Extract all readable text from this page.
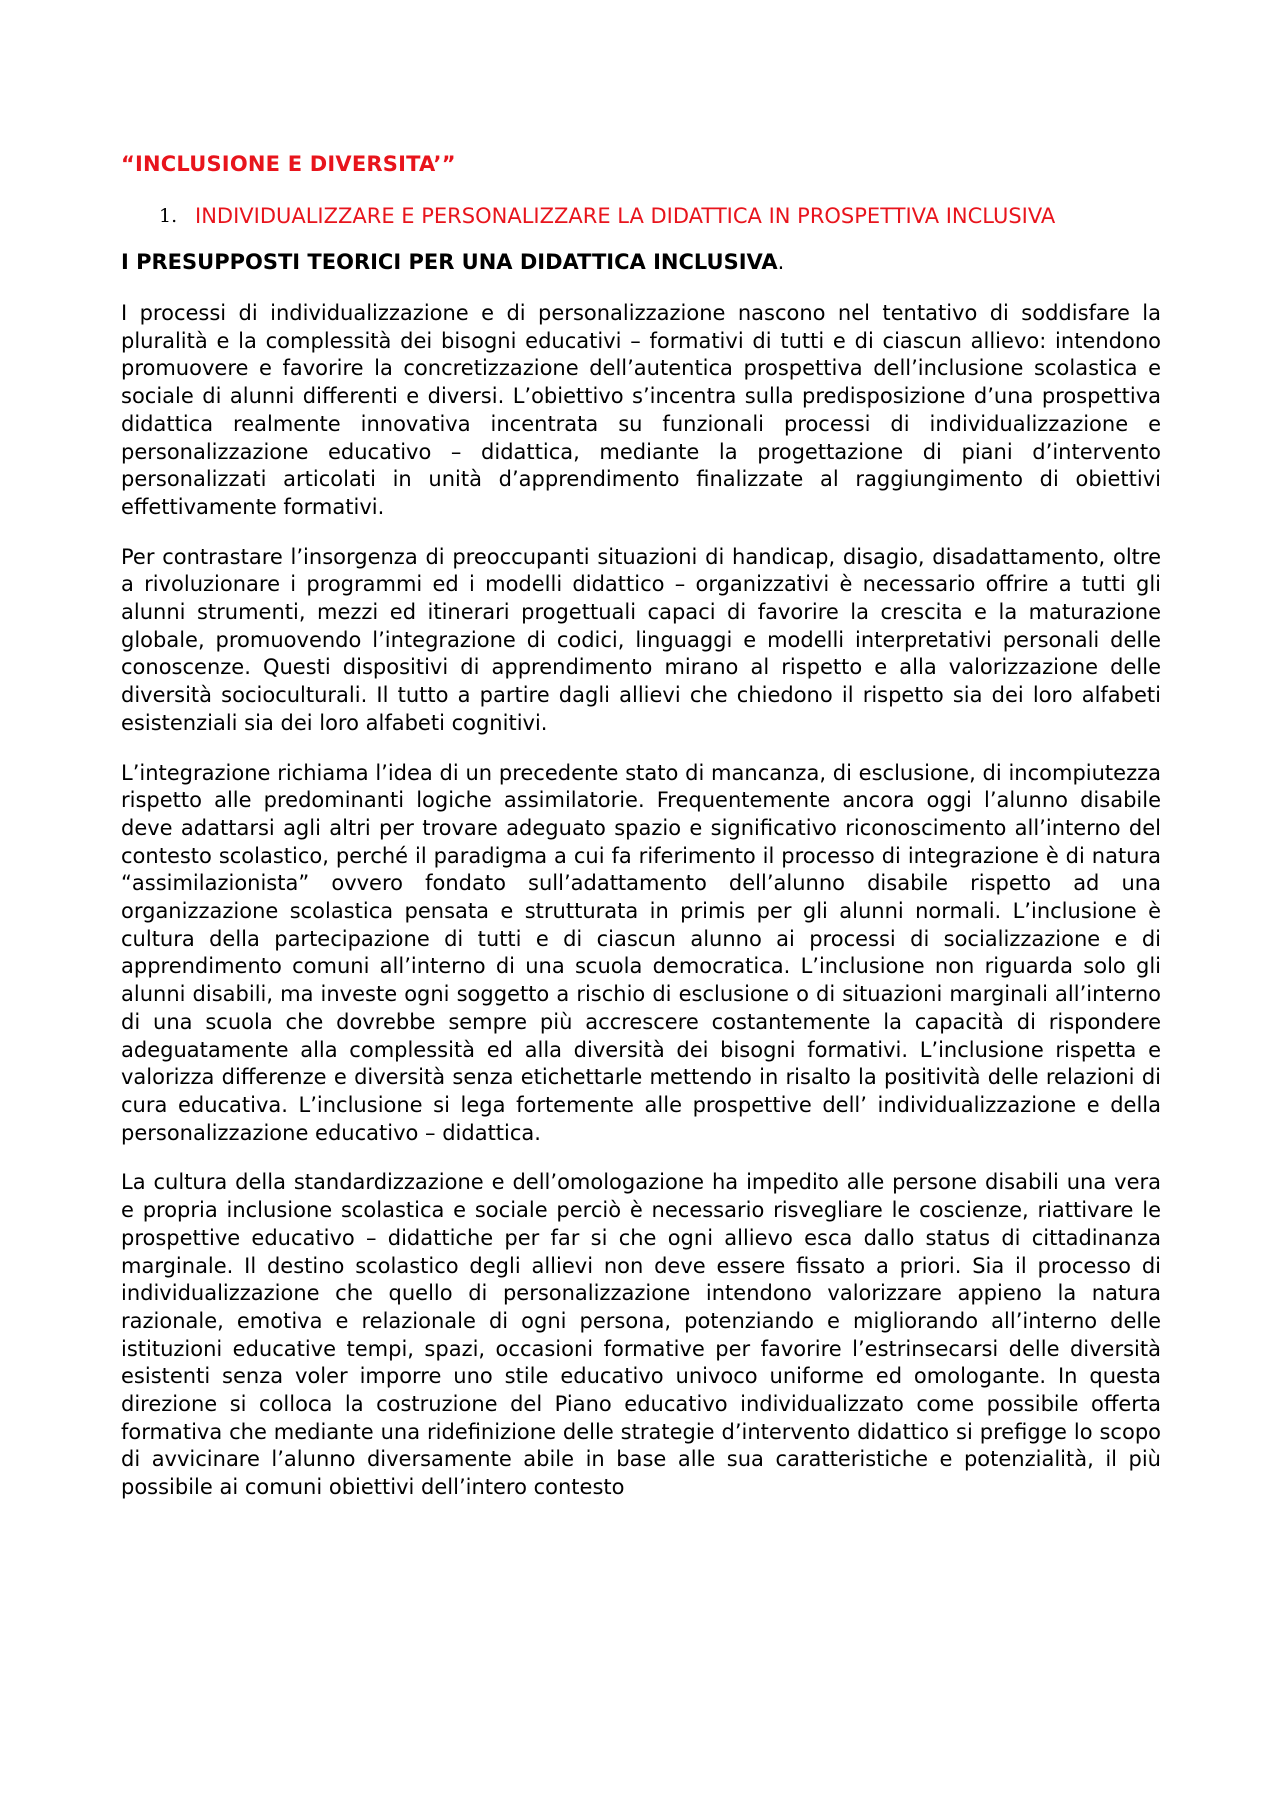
“INCLUSIONE E DIVERSITA’”
1. INDIVIDUALIZZARE E PERSONALIZZARE LA DIDATTICA IN PROSPETTIVA INCLUSIVA
I PRESUPPOSTI TEORICI PER UNA DIDATTICA INCLUSIVA.

I processi di individualizzazione e di personalizzazione nascono nel tentativo di soddisfare la pluralità e la complessità dei bisogni educativi – formativi di tutti e di ciascun allievo: intendono promuovere e favorire la concretizzazione dell’autentica prospettiva dell’inclusione scolastica e sociale di alunni differenti e diversi. L’obiettivo s’incentra sulla predisposizione d’una prospettiva didattica realmente innovativa incentrata su funzionali processi di individualizzazione e personalizzazione educativo – didattica, mediante la progettazione di piani d’intervento personalizzati articolati in unità d’apprendimento finalizzate al raggiungimento di obiettivi effettivamente formativi.

Per contrastare l’insorgenza di preoccupanti situazioni di handicap, disagio, disadattamento, oltre a rivoluzionare i programmi ed i modelli didattico – organizzativi è necessario offrire a tutti gli alunni strumenti, mezzi ed itinerari progettuali capaci di favorire la crescita e la maturazione globale, promuovendo l’integrazione di codici, linguaggi e modelli interpretativi personali delle conoscenze. Questi dispositivi di apprendimento mirano al rispetto e alla valorizzazione delle diversità socioculturali. Il tutto a partire dagli allievi che chiedono il rispetto sia dei loro alfabeti esistenziali sia dei loro alfabeti cognitivi.

L’integrazione richiama l’idea di un precedente stato di mancanza, di esclusione, di incompiutezza rispetto alle predominanti logiche assimilatorie. Frequentemente ancora oggi l’alunno disabile deve adattarsi agli altri per trovare adeguato spazio e significativo riconoscimento all’interno del contesto scolastico, perché il paradigma a cui fa riferimento il processo di integrazione è di natura “assimilazionista” ovvero fondato sull’adattamento dell’alunno disabile rispetto ad una organizzazione scolastica pensata e strutturata in primis per gli alunni normali. L’inclusione è cultura della partecipazione di tutti e di ciascun alunno ai processi di socializzazione e di apprendimento comuni all’interno di una scuola democratica. L’inclusione non riguarda solo gli alunni disabili, ma investe ogni soggetto a rischio di esclusione o di situazioni marginali all’interno di una scuola che dovrebbe sempre più accrescere costantemente la capacità di rispondere adeguatamente alla complessità ed alla diversità dei bisogni formativi. L’inclusione rispetta e valorizza differenze e diversità senza etichettarle mettendo in risalto la positività delle relazioni di cura educativa. L’inclusione si lega fortemente alle prospettive dell’ individualizzazione e della personalizzazione educativo – didattica.

La cultura della standardizzazione e dell’omologazione ha impedito alle persone disabili una vera e propria inclusione scolastica e sociale perciò è necessario risvegliare le coscienze, riattivare le prospettive educativo – didattiche per far si che ogni allievo esca dallo status di cittadinanza marginale. Il destino scolastico degli allievi non deve essere fissato a priori. Sia il processo di individualizzazione che quello di personalizzazione intendono valorizzare appieno la natura razionale, emotiva e relazionale di ogni persona, potenziando e migliorando all’interno delle istituzioni educative tempi, spazi, occasioni formative per favorire l’estrinsecarsi delle diversità esistenti senza voler imporre uno stile educativo univoco uniforme ed omologante. In questa direzione si colloca la costruzione del Piano educativo individualizzato come possibile offerta formativa che mediante una ridefinizione delle strategie d’intervento didattico si prefigge lo scopo di avvicinare l’alunno diversamente abile in base alle sua caratteristiche e potenzialità, il più possibile ai comuni obiettivi dell’intero contesto
